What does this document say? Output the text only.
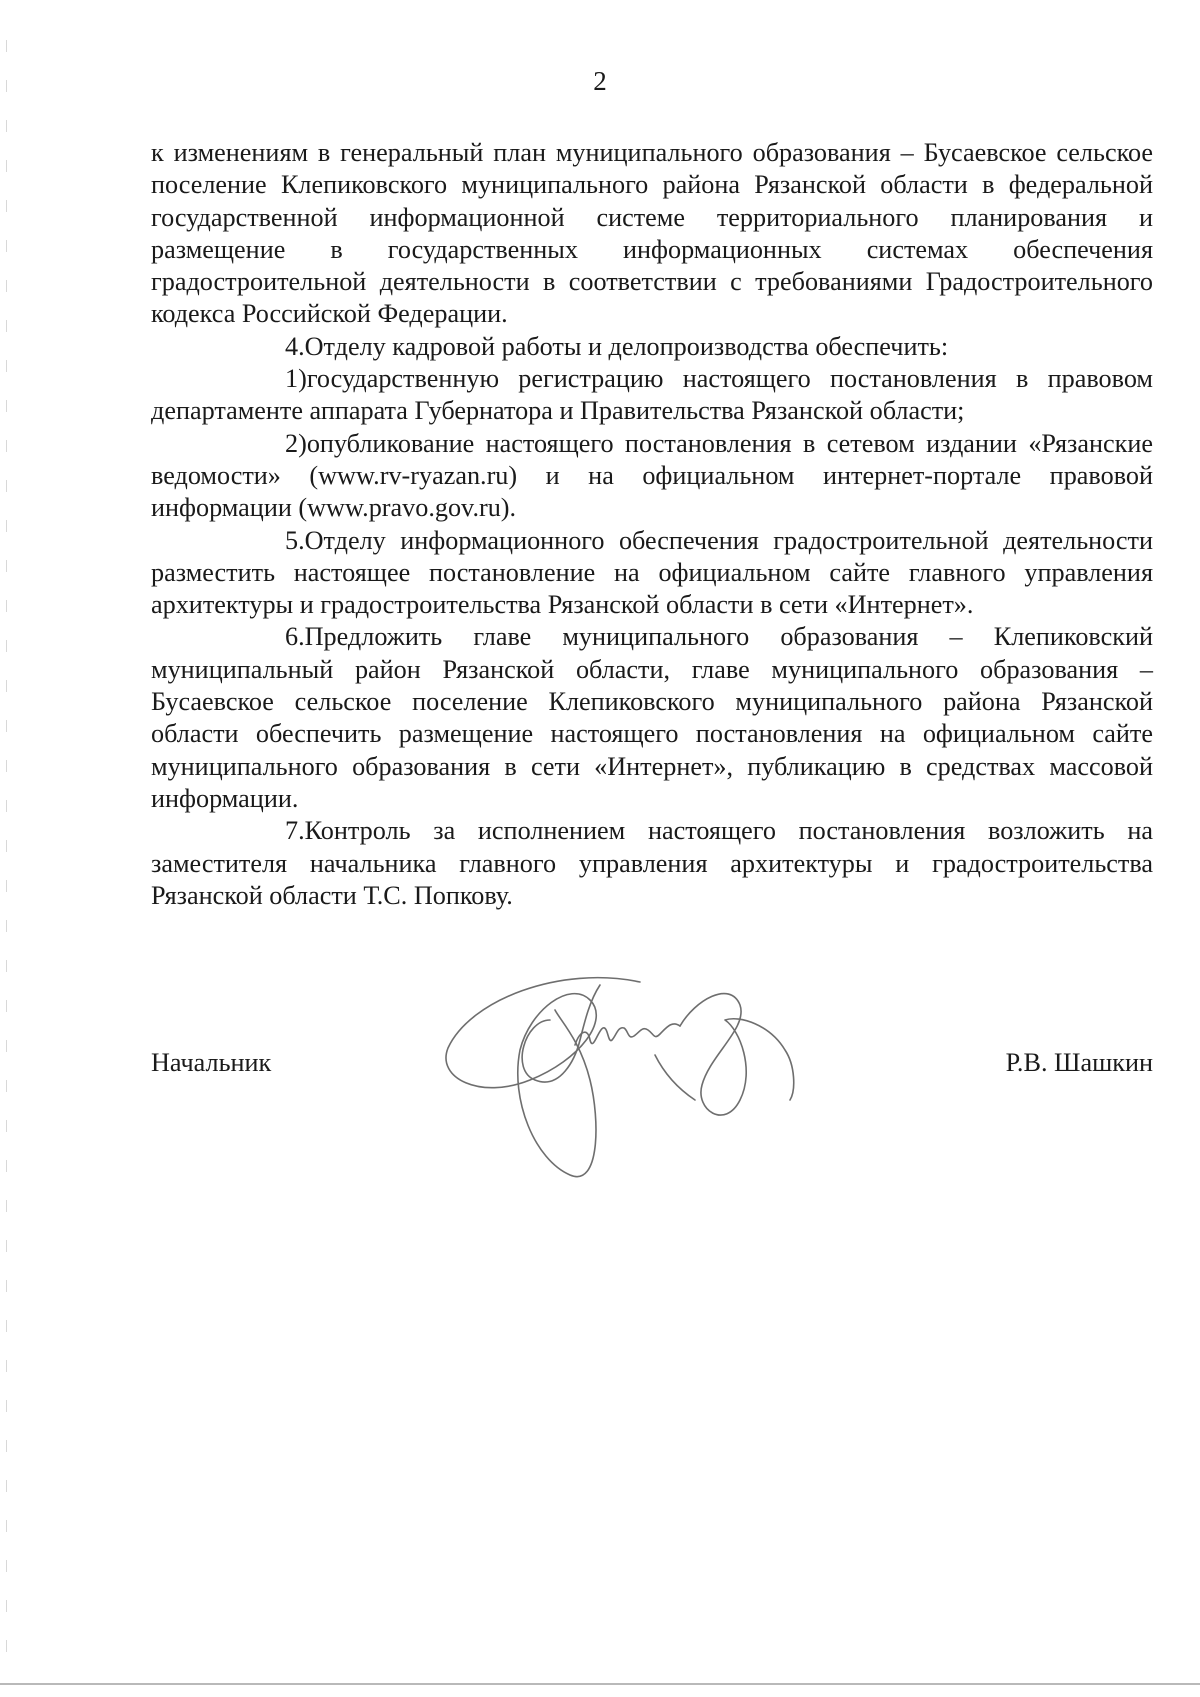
2

к изменениям в генеральный план муниципального образования – Бусаевское сельское поселение Клепиковского муниципального района Рязанской области в федеральной государственной информационной системе территориального планирования и размещение в государственных информационных системах обеспечения градостроительной деятельности в соответствии с требованиями Градостроительного кодекса Российской Федерации.

4.Отделу кадровой работы и делопроизводства обеспечить:

1)государственную регистрацию настоящего постановления в правовом департаменте аппарата Губернатора и Правительства Рязанской области;

2)опубликование настоящего постановления в сетевом издании «Рязанские ведомости» (www.rv-ryazan.ru) и на официальном интернет-портале правовой информации (www.pravo.gov.ru).

5.Отделу информационного обеспечения градостроительной деятельности разместить настоящее постановление на официальном сайте главного управления архитектуры и градостроительства Рязанской области в сети «Интернет».

6.Предложить главе муниципального образования – Клепиковский муниципальный район Рязанской области, главе муниципального образования – Бусаевское сельское поселение Клепиковского муниципального района Рязанской области обеспечить размещение настоящего постановления на официальном сайте муниципального образования в сети «Интернет», публикацию в средствах массовой информации.

7.Контроль за исполнением настоящего постановления возложить на заместителя начальника главного управления архитектуры и градостроительства Рязанской области Т.С. Попкову.

Начальник	Р.В. Шашкин
